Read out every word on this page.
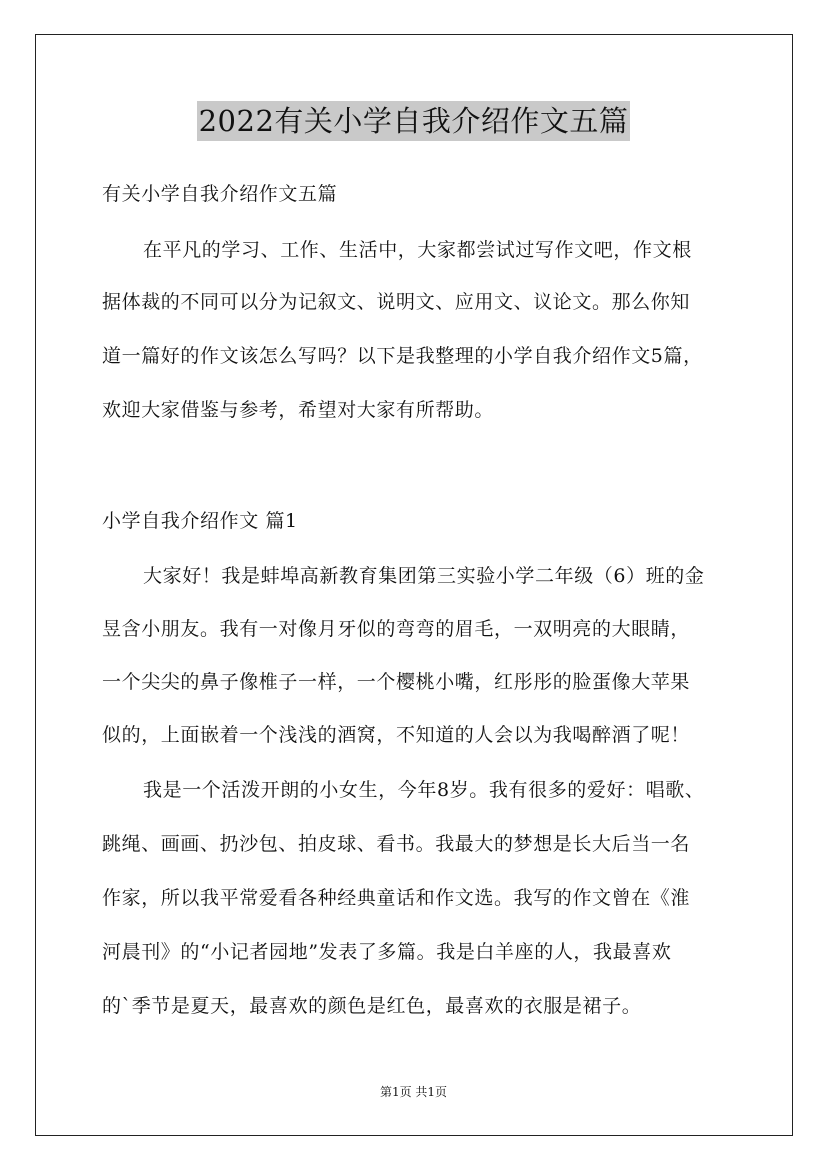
2022有关小学自我介绍作文五篇
有关小学自我介绍作文五篇
在平凡的学习、工作、生活中，大家都尝试过写作文吧，作文根
据体裁的不同可以分为记叙文、说明文、应用文、议论文。那么你知
道一篇好的作文该怎么写吗？以下是我整理的小学自我介绍作文5篇，
欢迎大家借鉴与参考，希望对大家有所帮助。
小学自我介绍作文 篇1
大家好！我是蚌埠高新教育集团第三实验小学二年级（6）班的金
昱含小朋友。我有一对像月牙似的弯弯的眉毛，一双明亮的大眼睛，
一个尖尖的鼻子像椎子一样，一个樱桃小嘴，红彤彤的脸蛋像大苹果
似的，上面嵌着一个浅浅的酒窝，不知道的人会以为我喝醉酒了呢！
我是一个活泼开朗的小女生，今年8岁。我有很多的爱好：唱歌、
跳绳、画画、扔沙包、拍皮球、看书。我最大的梦想是长大后当一名
作家，所以我平常爱看各种经典童话和作文选。我写的作文曾在《淮
河晨刊》的“小记者园地”发表了多篇。我是白羊座的人，我最喜欢
的`季节是夏天，最喜欢的颜色是红色，最喜欢的衣服是裙子。
第1页 共1页
